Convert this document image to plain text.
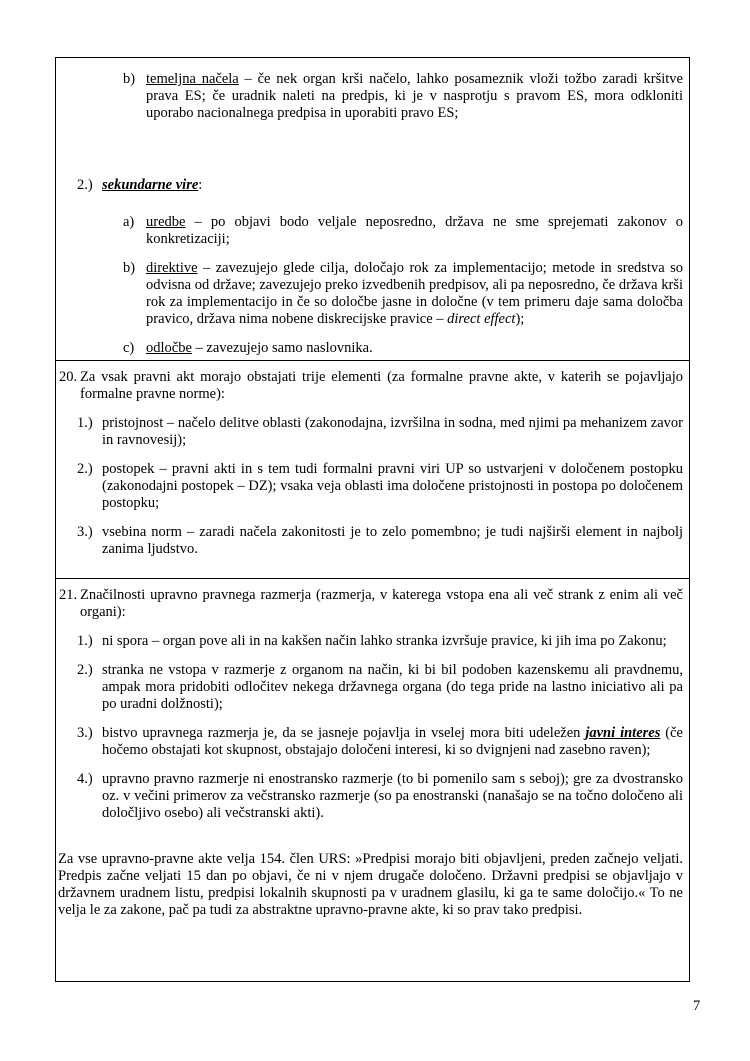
b) temeljna načela – če nek organ krši načelo, lahko posameznik vloži tožbo zaradi kršitve prava ES; če uradnik naleti na predpis, ki je v nasprotju s pravom ES, mora odkloniti uporabo nacionalnega predpisa in uporabiti pravo ES;
2.) sekundarne vire:
a) uredbe – po objavi bodo veljale neposredno, država ne sme sprejemati zakonov o konkretizaciji;
b) direktive – zavezujejo glede cilja, določajo rok za implementacijo; metode in sredstva so odvisna od države; zavezujejo preko izvedbenih predpisov, ali pa neposredno, če država krši rok za implementacijo in če so določbe jasne in določne (v tem primeru daje sama določba pravico, država nima nobene diskrecijske pravice – direct effect);
c) odločbe – zavezujejo samo naslovnika.
20. Za vsak pravni akt morajo obstajati trije elementi (za formalne pravne akte, v katerih se pojavljajo formalne pravne norme):
1.) pristojnost – načelo delitve oblasti (zakonodajna, izvršilna in sodna, med njimi pa mehanizem zavor in ravnovesij);
2.) postopek – pravni akti in s tem tudi formalni pravni viri UP so ustvarjeni v določenem postopku (zakonodajni postopek – DZ); vsaka veja oblasti ima določene pristojnosti in postopa po določenem postopku;
3.) vsebina norm – zaradi načela zakonitosti je to zelo pomembno; je tudi najširši element in najbolj zanima ljudstvo.
21. Značilnosti upravno pravnega razmerja (razmerja, v katerega vstopa ena ali več strank z enim ali več organi):
1.) ni spora – organ pove ali in na kakšen način lahko stranka izvršuje pravice, ki jih ima po Zakonu;
2.) stranka ne vstopa v razmerje z organom na način, ki bi bil podoben kazenskemu ali pravdnemu, ampak mora pridobiti odločitev nekega državnega organa (do tega pride na lastno iniciativo ali pa po uradni dolžnosti);
3.) bistvo upravnega razmerja je, da se jasneje pojavlja in vselej mora biti udeležen javni interes (če hočemo obstajati kot skupnost, obstajajo določeni interesi, ki so dvignjeni nad zasebno raven);
4.) upravno pravno razmerje ni enostransko razmerje (to bi pomenilo sam s seboj); gre za dvostransko oz. v večini primerov za večstransko razmerje (so pa enostranski (nanašajo se na točno določeno ali določljivo osebo) ali večstranski akti).
Za vse upravno-pravne akte velja 154. člen URS: »Predpisi morajo biti objavljeni, preden začnejo veljati. Predpis začne veljati 15 dan po objavi, če ni v njem drugače določeno. Državni predpisi se objavljajo v državnem uradnem listu, predpisi lokalnih skupnosti pa v uradnem glasilu, ki ga te same določijo.« To ne velja le za zakone, pač pa tudi za abstraktne upravno-pravne akte, ki so prav tako predpisi.
7
